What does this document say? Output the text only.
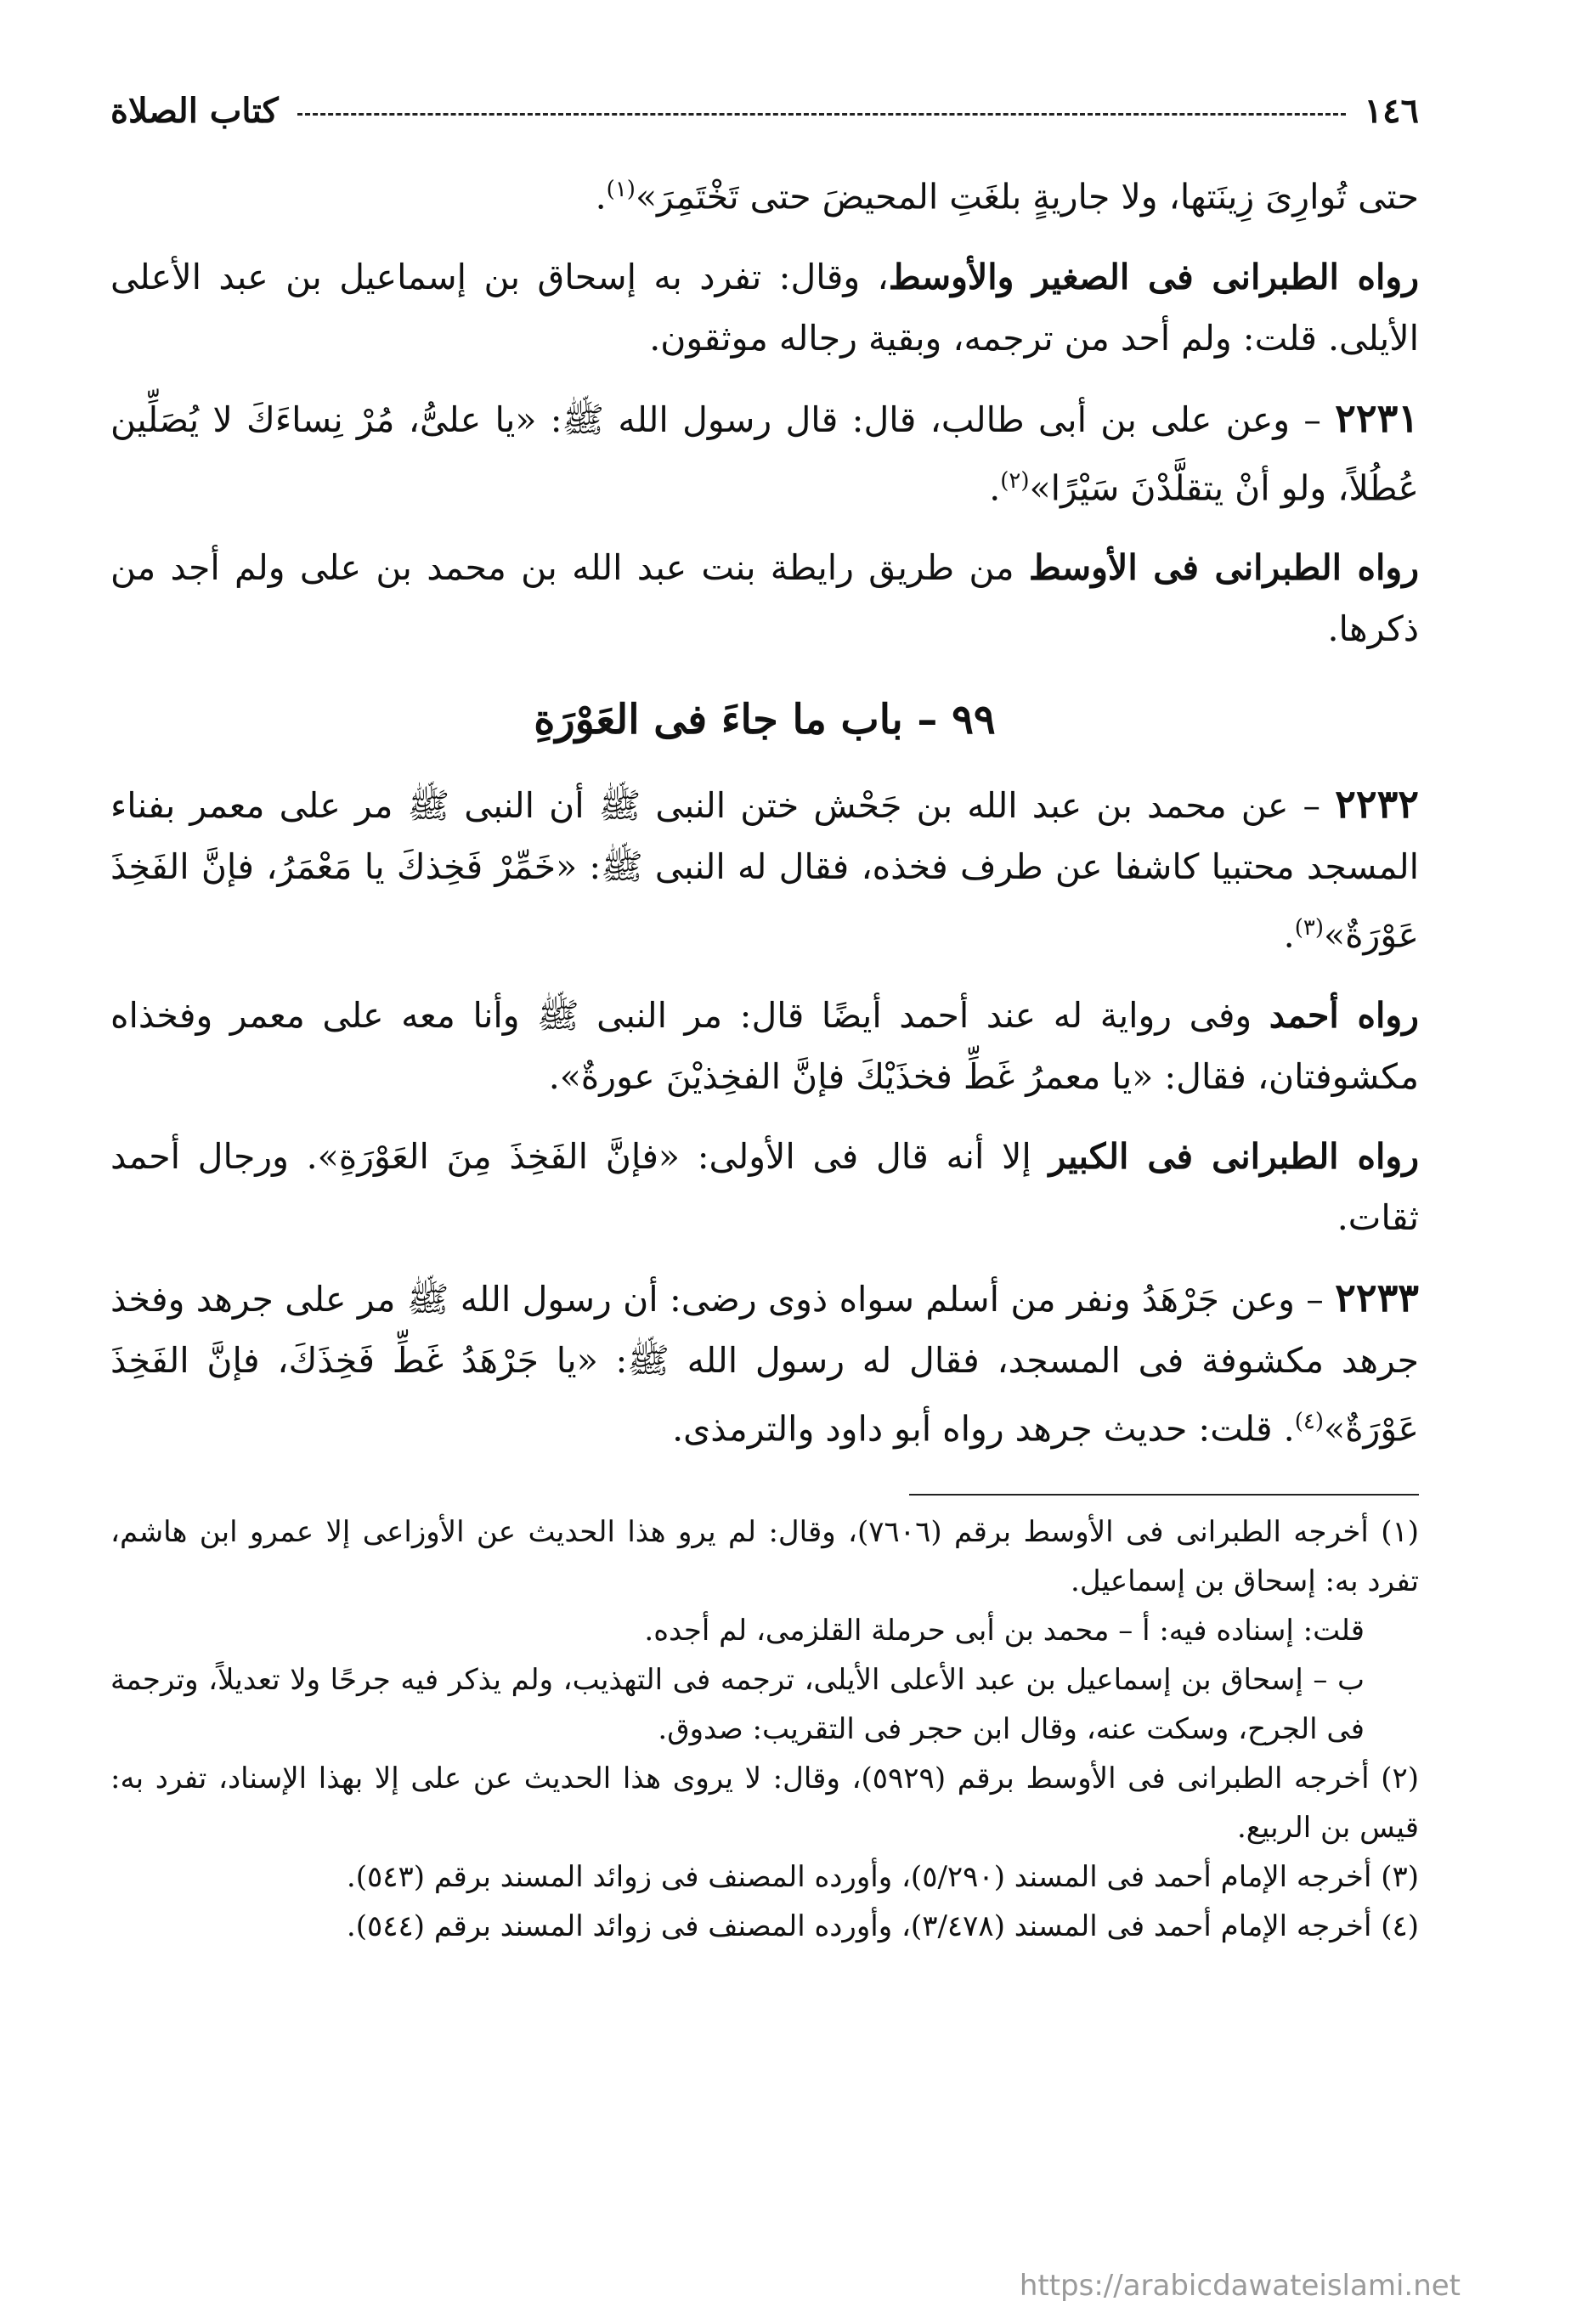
١٤٦
كتاب الصلاة

حتى تُوارِىَ زِينَتها، ولا جاريةٍ بلغَتِ المحيضَ حتى تَخْتَمِرَ»$^{(١)}$.

رواه الطبرانى فى الصغير والأوسط، وقال: تفرد به إسحاق بن إسماعيل بن عبد الأعلى الأيلى. قلت: ولم أحد من ترجمه، وبقية رجاله موثقون.

٢٢٣١ – وعن على بن أبى طالب، قال: قال رسول الله ﷺ: «يا علىُّ، مُرْ نِساءَكَ لا يُصَلِّين عُطُلاً، ولو أنْ يتقلَّدْنَ سَيْرًا»$^{(٢)}$.

رواه الطبرانى فى الأوسط من طريق رايطة بنت عبد الله بن محمد بن على ولم أجد من ذكرها.

٩٩ – باب ما جاءَ فى العَوْرَةِ

٢٢٣٢ – عن محمد بن عبد الله بن جَحْش ختن النبى ﷺ أن النبى ﷺ مر على معمر بفناء المسجد محتبيا كاشفا عن طرف فخذه، فقال له النبى ﷺ: «خَمِّرْ فَخِذكَ يا مَعْمَرُ، فإنَّ الفَخِذَ عَوْرَةٌ»$^{(٣)}$.

رواه أحمد وفى رواية له عند أحمد أيضًا قال: مر النبى ﷺ وأنا معه على معمر وفخذاه مكشوفتان، فقال: «يا معمرُ غَطِّ فخذَيْكَ فإنَّ الفخِذيْنَ عورةٌ».

رواه الطبرانى فى الكبير إلا أنه قال فى الأولى: «فإنَّ الفَخِذَ مِنَ العَوْرَةِ». ورجال أحمد ثقات.

٢٢٣٣ – وعن جَرْهَدُ ونفر من أسلم سواه ذوى رضى: أن رسول الله ﷺ مر على جرهد وفخذ جرهد مكشوفة فى المسجد، فقال له رسول الله ﷺ: «يا جَرْهَدُ غَطِّ فَخِذَكَ، فإنَّ الفَخِذَ عَوْرَةٌ»$^{(٤)}$. قلت: حديث جرهد رواه أبو داود والترمذى.

(١) أخرجه الطبرانى فى الأوسط برقم (٧٦٠٦)، وقال: لم يرو هذا الحديث عن الأوزاعى إلا عمرو ابن هاشم، تفرد به: إسحاق بن إسماعيل.

قلت: إسناده فيه: أ – محمد بن أبى حرملة القلزمى، لم أجده.

ب – إسحاق بن إسماعيل بن عبد الأعلى الأيلى، ترجمه فى التهذيب، ولم يذكر فيه جرحًا ولا تعديلاً، وترجمة فى الجرح، وسكت عنه، وقال ابن حجر فى التقريب: صدوق.

(٢) أخرجه الطبرانى فى الأوسط برقم (٥٩٢٩)، وقال: لا يروى هذا الحديث عن على إلا بهذا الإسناد، تفرد به: قيس بن الربيع.

(٣) أخرجه الإمام أحمد فى المسند (٥/٢٩٠)، وأورده المصنف فى زوائد المسند برقم (٥٤٣).

(٤) أخرجه الإمام أحمد فى المسند (٣/٤٧٨)، وأورده المصنف فى زوائد المسند برقم (٥٤٤).

https://arabicdawateislami.net
